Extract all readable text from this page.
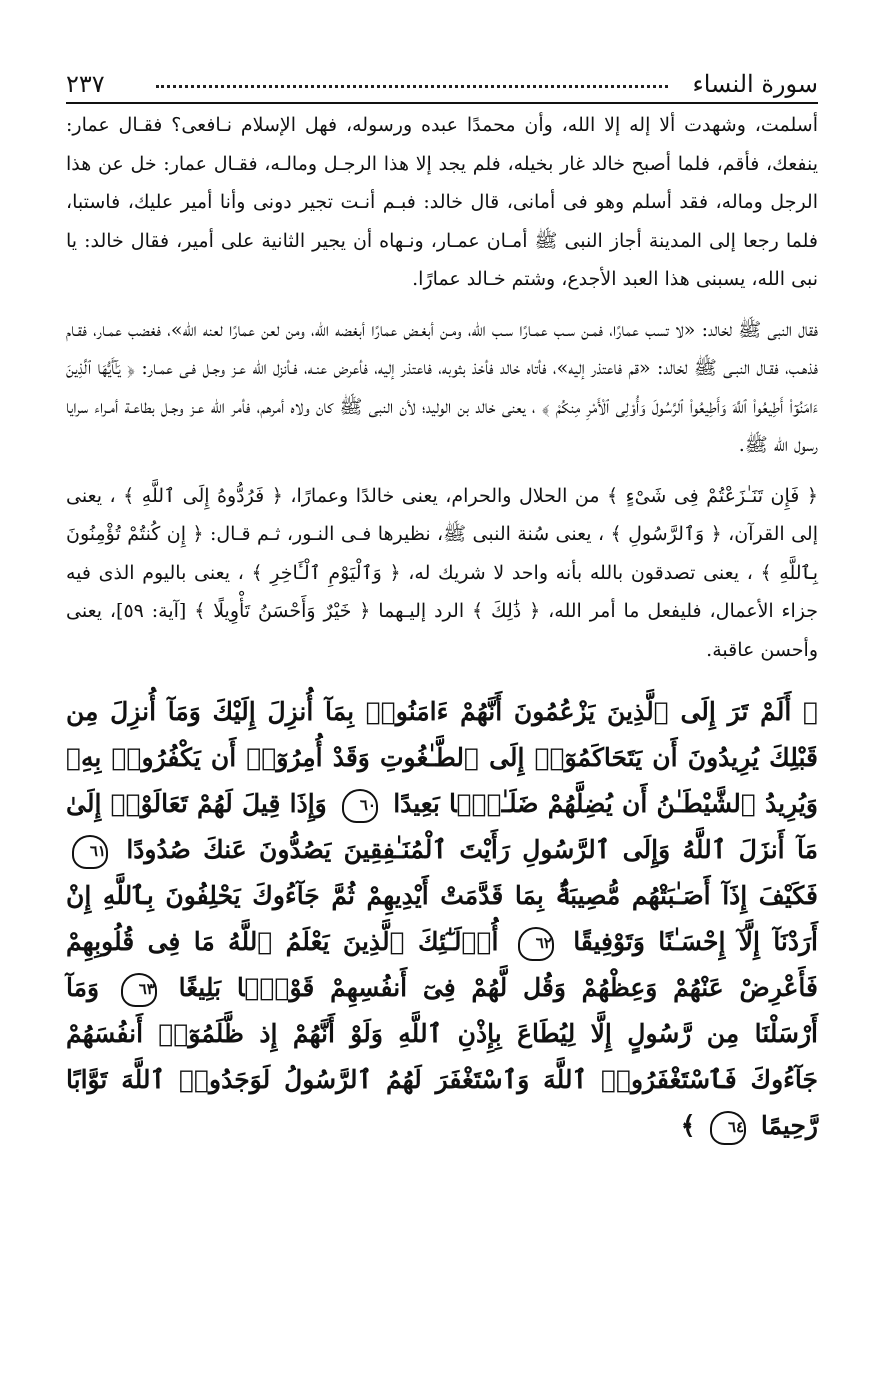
سورة النساء
٢٣٧

أسلمت، وشهدت ألا إله إلا الله، وأن محمدًا عبده ورسوله، فهل الإسلام نـافعى؟ فقـال عمار: ينفعك، فأقم، فلما أصبح خالد غار بخيله، فلم يجد إلا هذا الرجـل ومالـه، فقـال عمار: خل عن هذا الرجل وماله، فقد أسلم وهو فى أمانى، قال خالد: فبـم أنـت تجير دونى وأنا أمير عليك، فاستبا، فلما رجعا إلى المدينة أجاز النبى ﷺ أمـان عمـار، ونـهاه أن يجير الثانية على أمير، فقال خالد: يا نبى الله، يسبنى هذا العبد الأجدع، وشتم خـالد عمارًا.

فقال النبى ﷺ لخالد: «لا تسب عمارًا، فمـن سـب عمـارًا سـب الله، ومـن أبغـض عمارًا أبغضه الله، ومن لعن عمارًا لعنه الله»، فغضب عمـار، فقـام فذهـب، فقـال النبـى ﷺ لخالد: «قم فاعتذر إليه»، فأتاه خالد فأخذ بثوبه، فاعتذر إليه، فأعرض عنـه، فـأنزل الله عـز وجـل فـى عمـار: ﴿ يَـٰٓأَيُّهَا ٱلَّذِينَ ءَامَنُوٓا۟ أَطِيعُوا۟ ٱللَّهَ وَأَطِيعُوا۟ ٱلرَّسُولَ وَأُو۟لِى ٱلْأَمْرِ مِنكُمْ ﴾ ، يعنى خالد بن الوليد؛ لأن النبى ﷺ كان ولاه أمرهم، فأمر الله عـز وجـل بطاعـة أمـراء سرايا رسول الله ﷺ.

﴿ فَإِن تَنَـٰزَعْتُمْ فِى شَىْءٍ ﴾ من الحلال والحرام، يعنى خالدًا وعمارًا، ﴿ فَرُدُّوهُ إِلَى ٱللَّهِ ﴾ ، يعنى إلى القرآن، ﴿ وَٱلرَّسُولِ ﴾ ، يعنى سُنة النبى ﷺ، نظيرها فـى النـور، ثـم قـال: ﴿ إِن كُنتُمْ تُؤْمِنُونَ بِٱللَّهِ ﴾ ، يعنى تصدقون بالله بأنه واحد لا شريك له، ﴿ وَٱلْيَوْمِ ٱلْـَٔاخِرِ ﴾ ، يعنى باليوم الذى فيه جزاء الأعمال، فليفعل ما أمر الله، ﴿ ذَٰلِكَ ﴾ الرد إليـهما ﴿ خَيْرٌ وَأَحْسَنُ تَأْوِيلًا ﴾ [آية: ٥٩]، يعنى وأحسن عاقبة.

﴿ أَلَمْ تَرَ إِلَى ٱلَّذِينَ يَزْعُمُونَ أَنَّهُمْ ءَامَنُوا۟ بِمَآ أُنزِلَ إِلَيْكَ وَمَآ أُنزِلَ مِن قَبْلِكَ يُرِيدُونَ أَن يَتَحَاكَمُوٓا۟ إِلَى ٱلطَّـٰغُوتِ وَقَدْ أُمِرُوٓا۟ أَن يَكْفُرُوا۟ بِهِۦ وَيُرِيدُ ٱلشَّيْطَـٰنُ أَن يُضِلَّهُمْ ضَلَـٰلًۢا بَعِيدًا ٦٠ وَإِذَا قِيلَ لَهُمْ تَعَالَوْا۟ إِلَىٰ مَآ أَنزَلَ ٱللَّهُ وَإِلَى ٱلرَّسُولِ رَأَيْتَ ٱلْمُنَـٰفِقِينَ يَصُدُّونَ عَنكَ صُدُودًا ٦١ فَكَيْفَ إِذَآ أَصَـٰبَتْهُم مُّصِيبَةٌۢ بِمَا قَدَّمَتْ أَيْدِيهِمْ ثُمَّ جَآءُوكَ يَحْلِفُونَ بِٱللَّهِ إِنْ أَرَدْنَآ إِلَّآ إِحْسَـٰنًا وَتَوْفِيقًا ٦٢ أُو۟لَـٰٓئِكَ ٱلَّذِينَ يَعْلَمُ ٱللَّهُ مَا فِى قُلُوبِهِمْ فَأَعْرِضْ عَنْهُمْ وَعِظْهُمْ وَقُل لَّهُمْ فِىٓ أَنفُسِهِمْ قَوْلًۢا بَلِيغًا ٦٣ وَمَآ أَرْسَلْنَا مِن رَّسُولٍ إِلَّا لِيُطَاعَ بِإِذْنِ ٱللَّهِ وَلَوْ أَنَّهُمْ إِذ ظَّلَمُوٓا۟ أَنفُسَهُمْ جَآءُوكَ فَٱسْتَغْفَرُوا۟ ٱللَّهَ وَٱسْتَغْفَرَ لَهُمُ ٱلرَّسُولُ لَوَجَدُوا۟ ٱللَّهَ تَوَّابًا رَّحِيمًا ٦٤ ﴾
